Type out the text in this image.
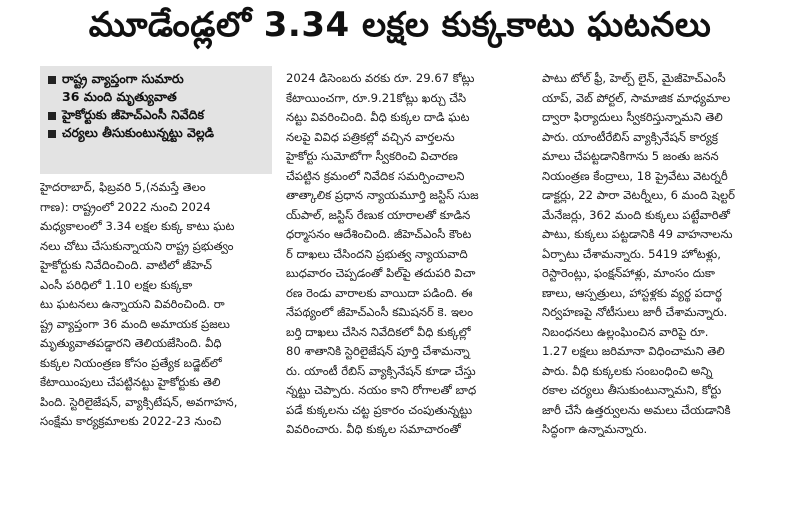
మూడేండ్లలో 3.34 లక్షల కుక్కకాటు ఘటనలు
రాష్ట్ర వ్యాప్తంగా సుమారు
36 మంది మృత్యువాత
హైకోర్టుకు జీహెచ్‌ఎంసీ నివేదిక
చర్యలు తీసుకుంటున్నట్టు వెల్లడి
హైదరాబాద్‌, ఫిబ్రవరి 5,(నమస్తే తెలం
గాణ): రాష్ట్రంలో 2022 నుంచి 2024
మధ్యకాలంలో 3.34 లక్షల కుక్క కాటు ఘట
నలు చోటు చేసుకున్నాయని రాష్ట్ర ప్రభుత్వం
హైకోర్టుకు నివేదించింది. వాటిలో జీహెచ్‌
ఎంసీ పరిధిలో 1.10 లక్షల కుక్కకా
టు ఘటనలు ఉన్నాయని వివరించింది. రా
ష్ట్ర వ్యాప్తంగా 36 మంది అమాయక ప్రజలు
మృత్యువాతపడ్డారని తెలియజేసింది. వీధి
కుక్కల నియంత్రణ కోసం ప్రత్యేక బడ్జెట్‌లో
కేటాయింపులు చేపట్టినట్టు హైకోర్టుకు తెలి
పింది. స్టెరిలైజేషన్‌, వ్యాక్సిటేషన్‌, అవగాహన,
సంక్షేమ కార్యక్రమాలకు 2022-23 నుంచి
2024 డిసెంబరు వరకు రూ. 29.67 కోట్లు
కేటాయించగా, రూ.9.21కోట్లు ఖర్చు చేసి
నట్టు వివరించింది. వీధి కుక్కల దాడి ఘట
నలపై వివిధ పత్రికల్లో వచ్చిన వార్తలను
హైకోర్టు సుమోటోగా స్వీకరించి విచారణ
చేపట్టిన క్రమంలో నివేదిక సమర్పించాలని
తాత్కాలిక ప్రధాన న్యాయమూర్తి జస్టిస్‌ సుజ
య్‌పాల్‌, జస్టిస్‌ రేణుక యారాలతో కూడిన
ధర్మాసనం ఆదేశించింది. జీహెచ్‌ఎంసీ కౌంట
ర్‌ దాఖలు చేసిందని ప్రభుత్వ న్యాయవాది
బుధవారం చెప్పడంతో పిల్‌పై తదుపరి విచా
రణ రెండు వారాలకు వాయిదా పడింది. ఈ
నేపథ్యంలో జీహెచ్‌ఎంసీ కమిషనర్‌ కె. ఇలం
బర్తి దాఖలు చేసిన నివేదికలో వీధి కుక్కల్లో
80 శాతానికి స్టెరిలైజేషన్‌ పూర్తి చేశామన్నా
రు. యాంటీ రేబిస్‌ వ్యాక్సినేషన్‌ కూడా చేస్తు
న్నట్టు చెప్పారు. నయం కాని రోగాలతో బాధ
పడే కుక్కలను చట్ట ప్రకారం చంపుతున్నట్టు
వివరించారు. వీధి కుక్కల సమాచారంతో
పాటు టోల్‌ ఫ్రీ, హెల్ప్‌ లైన్‌, మైజీహెచ్‌ఎంసీ
యాప్‌, వెబ్‌ పోర్టల్‌, సామాజిక మాధ్యమాల
ద్వారా ఫిర్యాదులు స్వీకరిస్తున్నామని తెలి
పారు. యాంటీరేబిస్‌ వ్యాక్సినేషన్‌ కార్యక్ర
మాలు చేపట్టడానికిగాను 5 జంతు జనన
నియంత్రణ కేంద్రాలు, 18 ప్రైవేటు వెటర్నరీ
డాక్టర్లు, 22 పారా వెటర్నీలు, 6 మంది షెల్టర్‌
మేనేజర్లు, 362 మంది కుక్కలు పట్టేవారితో
పాటు, కుక్కలు పట్టడానికి 49 వాహనాలను
ఏర్పాటు చేశామన్నారు. 5419 హోటళ్లు,
రెస్టారెంట్లు, ఫంక్షన్‌హాళ్లు, మాంసం దుకా
ణాలు, ఆస్పత్రులు, హాస్టళ్లకు వ్యర్థ పదార్థ
నిర్వహణపై నోటీసులు జారీ చేశామన్నారు.
నిబంధనలు ఉల్లంఘించిన వారిపై రూ.
1.27 లక్షలు జరిమానా విధించామని తెలి
పారు. వీధి కుక్కలకు సంబంధించి అన్ని
రకాల చర్యలు తీసుకుంటున్నామని, కోర్టు
జారీ చేసే ఉత్తర్వులను అమలు చేయడానికి
సిద్ధంగా ఉన్నామన్నారు.
